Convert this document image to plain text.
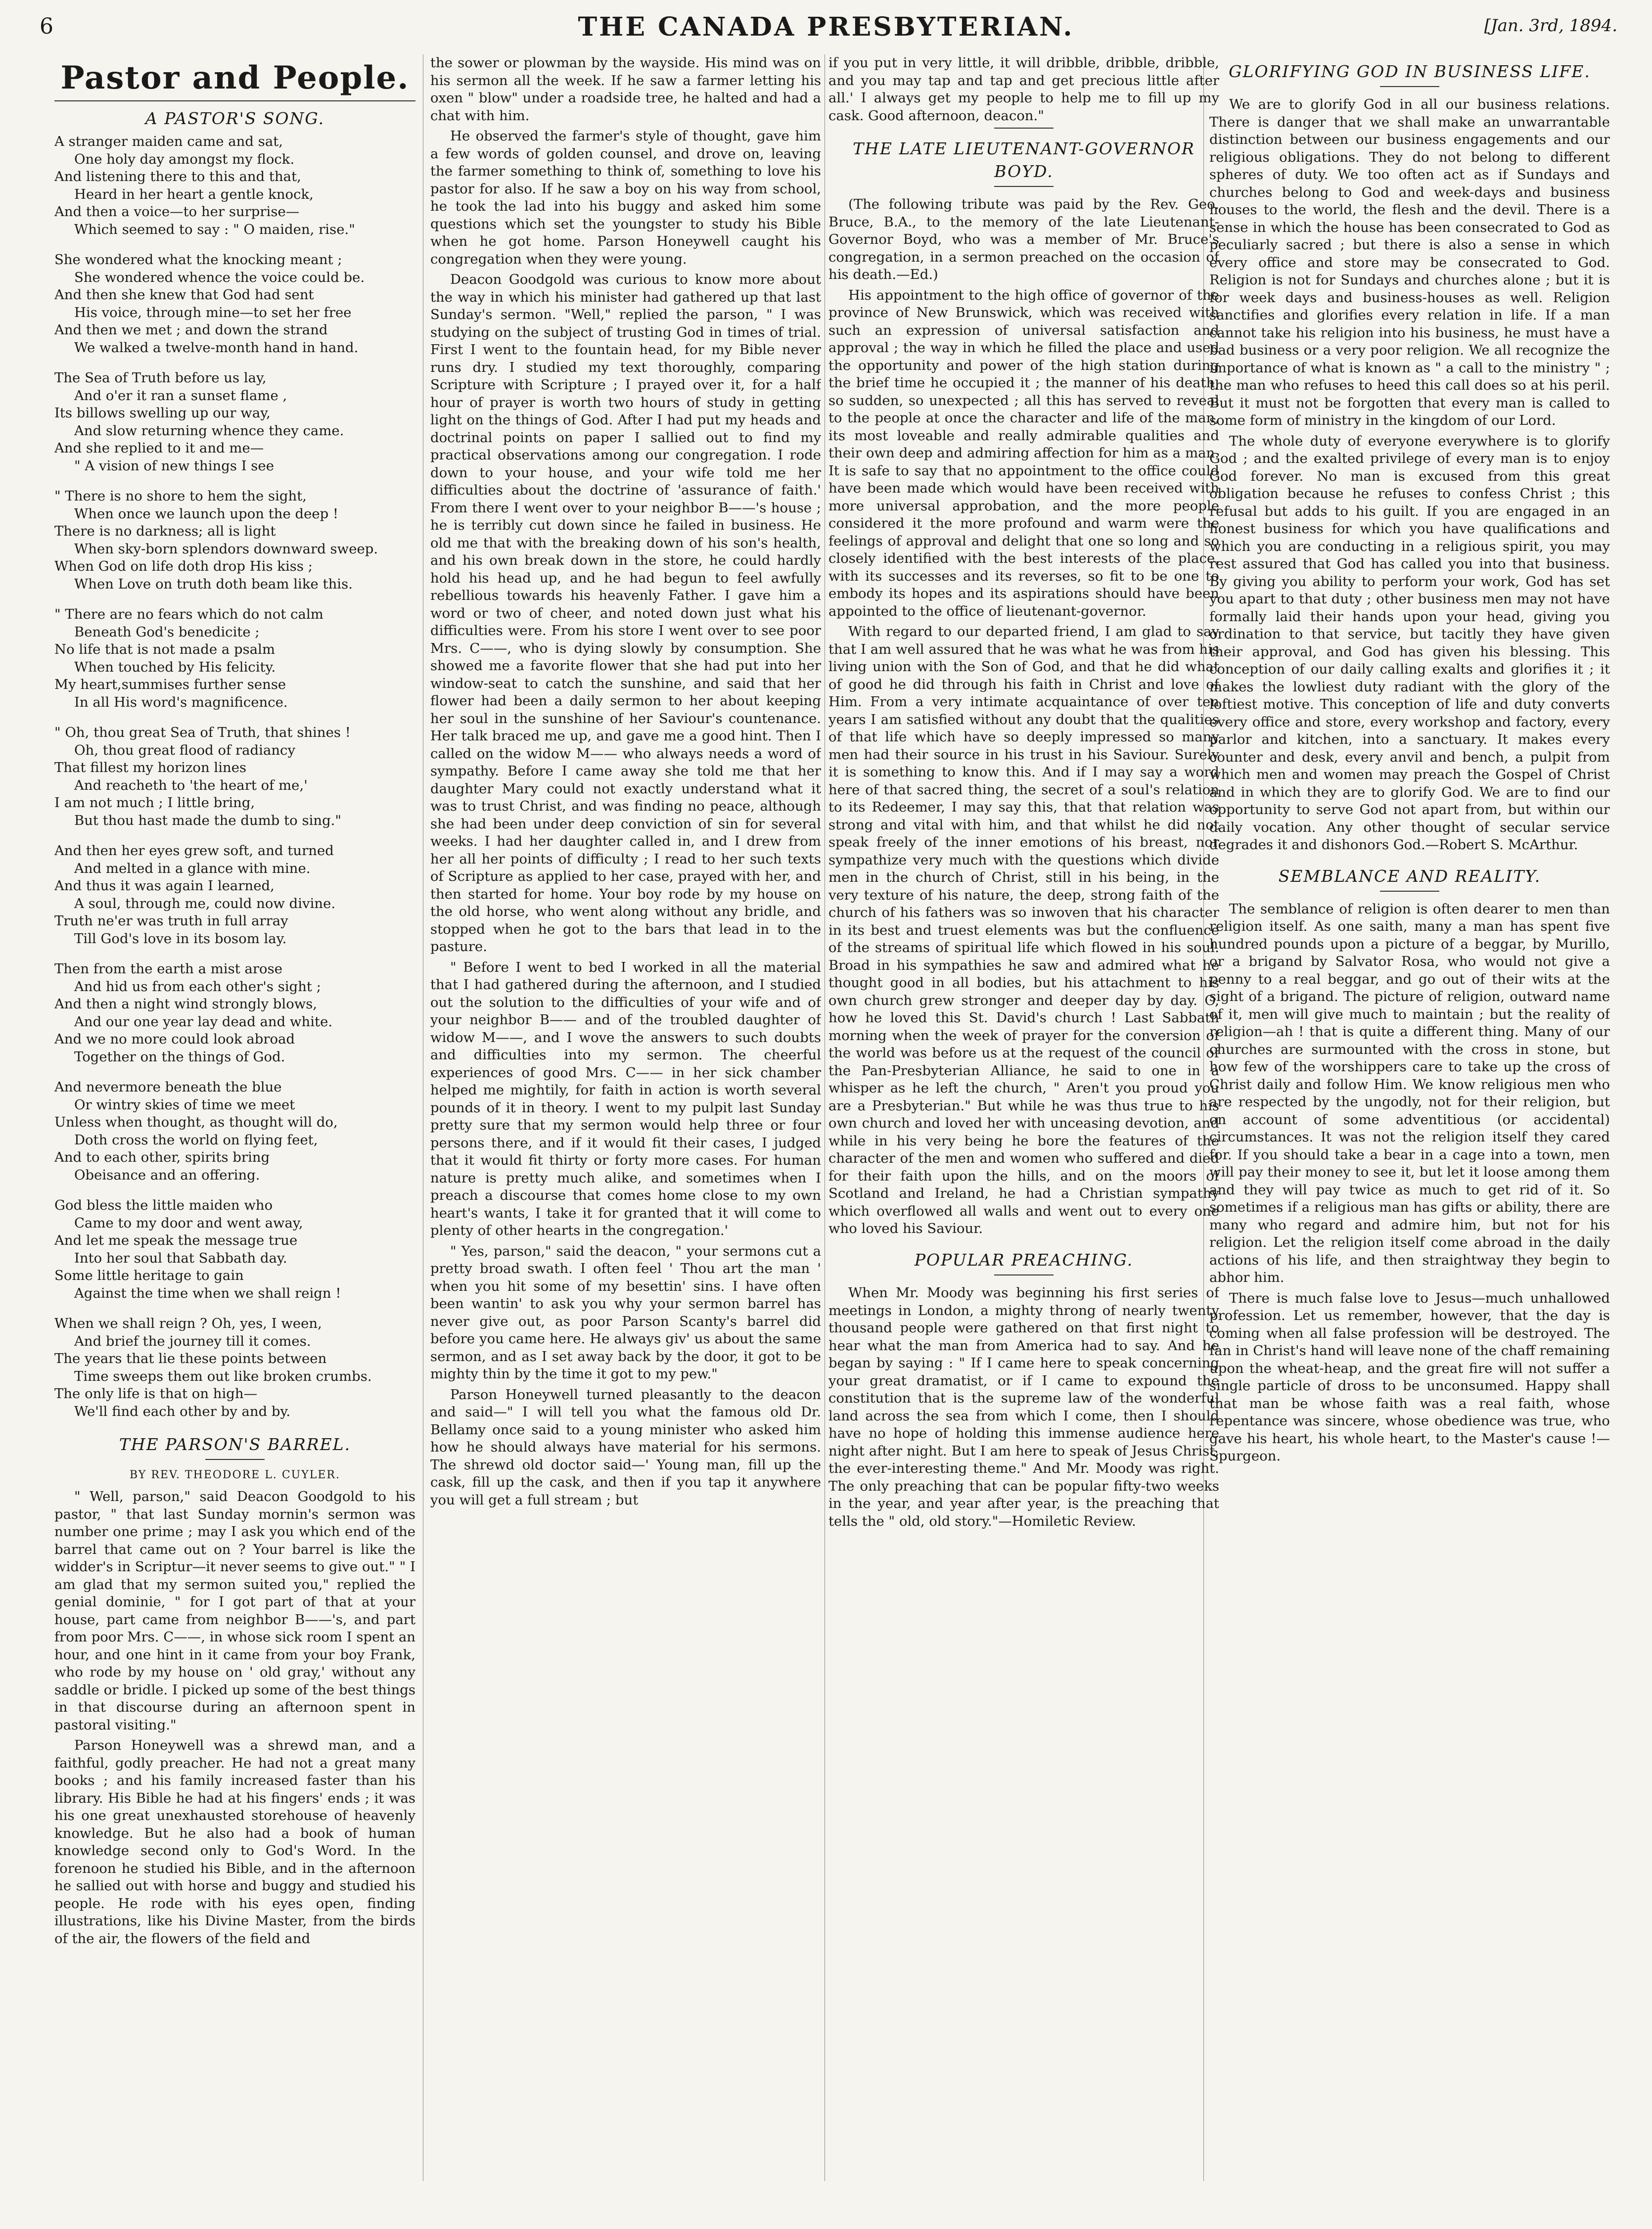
6	THE CANADA PRESBYTERIAN.	[Jan. 3rd, 1894.
Pastor and People.
A PASTOR'S SONG.
A stranger maiden came and sat,
One holy day amongst my flock.
And listening there to this and that,
Heard in her heart a gentle knock,
And then a voice—to her surprise—
Which seemed to say : " O maiden, rise."
She wondered what the knocking meant ;
She wondered whence the voice could be.
And then she knew that God had sent
His voice, through mine—to set her free
And then we met ; and down the strand
We walked a twelve-month hand in hand.
The Sea of Truth before us lay,
And o'er it ran a sunset flame ,
Its billows swelling up our way,
And slow returning whence they came.
And she replied to it and me—
" A vision of new things I see
" There is no shore to hem the sight,
When once we launch upon the deep !
There is no darkness; all is light
When sky-born splendors downward sweep.
When God on life doth drop His kiss ;
When Love on truth doth beam like this.
" There are no fears which do not calm
Beneath God's benedicite ;
No life that is not made a psalm
When touched by His felicity.
My heart,summises further sense
In all His word's magnificence.
" Oh, thou great Sea of Truth, that shines !
Oh, thou great flood of radiancy
That fillest my horizon lines
And reacheth to 'the heart of me,'
I am not much ; I little bring,
But thou hast made the dumb to sing."
And then her eyes grew soft, and turned
And melted in a glance with mine.
And thus it was again I learned,
A soul, through me, could now divine.
Truth ne'er was truth in full array
Till God's love in its bosom lay.
Then from the earth a mist arose
And hid us from each other's sight ;
And then a night wind strongly blows,
And our one year lay dead and white.
And we no more could look abroad
Together on the things of God.
And nevermore beneath the blue
Or wintry skies of time we meet
Unless when thought, as thought will do,
Doth cross the world on flying feet,
And to each other, spirits bring
Obeisance and an offering.
God bless the little maiden who
Came to my door and went away,
And let me speak the message true
Into her soul that Sabbath day.
Some little heritage to gain
Against the time when we shall reign !
When we shall reign ? Oh, yes, I ween,
And brief the journey till it comes.
The years that lie these points between
Time sweeps them out like broken crumbs.
The only life is that on high—
We'll find each other by and by.
THE PARSON'S BARREL.
BY REV. THEODORE L. CUYLER.

" Well, parson," said Deacon Goodgold to his pastor, " that last Sunday mornin's sermon was number one prime ; may I ask you which end of the barrel that came out on ? Your barrel is like the widder's in Scriptur—it never seems to give out." " I am glad that my sermon suited you," replied the genial dominie, " for I got part of that at your house, part came from neighbor B——'s, and part from poor Mrs. C——, in whose sick room I spent an hour, and one hint in it came from your boy Frank, who rode by my house on ' old gray,' without any saddle or bridle. I picked up some of the best things in that discourse during an afternoon spent in pastoral visiting."

Parson Honeywell was a shrewd man, and a faithful, godly preacher. He had not a great many books ; and his family increased faster than his library. His Bible he had at his fingers' ends ; it was his one great unexhausted storehouse of heavenly knowledge. But he also had a book of human knowledge second only to God's Word. In the forenoon he studied his Bible, and in the afternoon he sallied out with horse and buggy and studied his people. He rode with his eyes open, finding illustrations, like his Divine Master, from the birds of the air, the flowers of the field and

the sower or plowman by the wayside. His mind was on his sermon all the week. If he saw a farmer letting his oxen " blow" under a roadside tree, he halted and had a chat with him.

He observed the farmer's style of thought, gave him a few words of golden counsel, and drove on, leaving the farmer something to think of, something to love his pastor for also. If he saw a boy on his way from school, he took the lad into his buggy and asked him some questions which set the youngster to study his Bible when he got home. Parson Honeywell caught his congregation when they were young.

Deacon Goodgold was curious to know more about the way in which his minister had gathered up that last Sunday's sermon. "Well," replied the parson, " I was studying on the subject of trusting God in times of trial. First I went to the fountain head, for my Bible never runs dry. I studied my text thoroughly, comparing Scripture with Scripture ; I prayed over it, for a half hour of prayer is worth two hours of study in getting light on the things of God. After I had put my heads and doctrinal points on paper I sallied out to find my practical observations among our congregation. I rode down to your house, and your wife told me her difficulties about the doctrine of 'assurance of faith.' From there I went over to your neighbor B——'s house ; he is terribly cut down since he failed in business. He old me that with the breaking down of his son's health, and his own break down in the store, he could hardly hold his head up, and he had begun to feel awfully rebellious towards his heavenly Father. I gave him a word or two of cheer, and noted down just what his difficulties were. From his store I went over to see poor Mrs. C——, who is dying slowly by consumption. She showed me a favorite flower that she had put into her window-seat to catch the sunshine, and said that her flower had been a daily sermon to her about keeping her soul in the sunshine of her Saviour's countenance. Her talk braced me up, and gave me a good hint. Then I called on the widow M—— who always needs a word of sympathy. Before I came away she told me that her daughter Mary could not exactly understand what it was to trust Christ, and was finding no peace, although she had been under deep conviction of sin for several weeks. I had her daughter called in, and I drew from her all her points of difficulty ; I read to her such texts of Scripture as applied to her case, prayed with her, and then started for home. Your boy rode by my house on the old horse, who went along without any bridle, and stopped when he got to the bars that lead in to the pasture.

" Before I went to bed I worked in all the material that I had gathered during the afternoon, and I studied out the solution to the difficulties of your wife and of your neighbor B—— and of the troubled daughter of widow M——, and I wove the answers to such doubts and difficulties into my sermon. The cheerful experiences of good Mrs. C—— in her sick chamber helped me mightily, for faith in action is worth several pounds of it in theory. I went to my pulpit last Sunday pretty sure that my sermon would help three or four persons there, and if it would fit their cases, I judged that it would fit thirty or forty more cases. For human nature is pretty much alike, and sometimes when I preach a discourse that comes home close to my own heart's wants, I take it for granted that it will come to plenty of other hearts in the congregation.'

" Yes, parson," said the deacon, " your sermons cut a pretty broad swath. I often feel ' Thou art the man ' when you hit some of my besettin' sins. I have often been wantin' to ask you why your sermon barrel has never give out, as poor Parson Scanty's barrel did before you came here. He always giv' us about the same sermon, and as I set away back by the door, it got to be mighty thin by the time it got to my pew."

Parson Honeywell turned pleasantly to the deacon and said—" I will tell you what the famous old Dr. Bellamy once said to a young minister who asked him how he should always have material for his sermons. The shrewd old doctor said—' Young man, fill up the cask, fill up the cask, and then if you tap it anywhere you will get a full stream ; but

if you put in very little, it will dribble, dribble, dribble, and you may tap and tap and get precious little after all.' I always get my people to help me to fill up my cask. Good afternoon, deacon."

THE LATE LIEUTENANT-GOVERNOR BOYD.

(The following tribute was paid by the Rev. Geo. Bruce, B.A., to the memory of the late Lieutenant-Governor Boyd, who was a member of Mr. Bruce's congregation, in a sermon preached on the occasion of his death.—Ed.)

His appointment to the high office of governor of the province of New Brunswick, which was received with such an expression of universal satisfaction and approval ; the way in which he filled the place and used the opportunity and power of the high station during the brief time he occupied it ; the manner of his death, so sudden, so unexpected ; all this has served to reveal to the people at once the character and life of the man, its most loveable and really admirable qualities and their own deep and admiring affection for him as a man. It is safe to say that no appointment to the office could have been made which would have been received with more universal approbation, and the more people considered it the more profound and warm were the feelings of approval and delight that one so long and so closely identified with the best interests of the place, with its successes and its reverses, so fit to be one to embody its hopes and its aspirations should have been appointed to the office of lieutenant-governor.

With regard to our departed friend, I am glad to say that I am well assured that he was what he was from his living union with the Son of God, and that he did what of good he did through his faith in Christ and love of Him. From a very intimate acquaintance of over ten years I am satisfied without any doubt that the qualities of that life which have so deeply impressed so many men had their source in his trust in his Saviour. Surely it is something to know this. And if I may say a word here of that sacred thing, the secret of a soul's relation to its Redeemer, I may say this, that that relation was strong and vital with him, and that whilst he did not speak freely of the inner emotions of his breast, nor sympathize very much with the questions which divide men in the church of Christ, still in his being, in the very texture of his nature, the deep, strong faith of the church of his fathers was so inwoven that his character in its best and truest elements was but the confluence of the streams of spiritual life which flowed in his soul. Broad in his sympathies he saw and admired what he thought good in all bodies, but his attachment to his own church grew stronger and deeper day by day. O, how he loved this St. David's church ! Last Sabbath morning when the week of prayer for the conversion of the world was before us at the request of the council of the Pan-Presbyterian Alliance, he said to one in a whisper as he left the church, " Aren't you proud you are a Presbyterian." But while he was thus true to his own church and loved her with unceasing devotion, and while in his very being he bore the features of the character of the men and women who suffered and died for their faith upon the hills, and on the moors of Scotland and Ireland, he had a Christian sympathy which overflowed all walls and went out to every one who loved his Saviour.

POPULAR PREACHING.

When Mr. Moody was beginning his first series of meetings in London, a mighty throng of nearly twenty thousand people were gathered on that first night to hear what the man from America had to say. And he began by saying : " If I came here to speak concerning your great dramatist, or if I came to expound the constitution that is the supreme law of the wonderful land across the sea from which I come, then I should have no hope of holding this immense audience here night after night. But I am here to speak of Jesus Christ, the ever-interesting theme." And Mr. Moody was right. The only preaching that can be popular fifty-two weeks in the year, and year after year, is the preaching that tells the " old, old story."—Homiletic Review.

GLORIFYING GOD IN BUSINESS LIFE.

We are to glorify God in all our business relations. There is danger that we shall make an unwarrantable distinction between our business engagements and our religious obligations. They do not belong to different spheres of duty. We too often act as if Sundays and churches belong to God and week-days and business houses to the world, the flesh and the devil. There is a sense in which the house has been consecrated to God as peculiarly sacred ; but there is also a sense in which every office and store may be consecrated to God. Religion is not for Sundays and churches alone ; but it is for week days and business-houses as well. Religion sanctifies and glorifies every relation in life. If a man cannot take his religion into his business, he must have a bad business or a very poor religion. We all recognize the importance of what is known as " a call to the ministry " ; the man who refuses to heed this call does so at his peril. But it must not be forgotten that every man is called to some form of ministry in the kingdom of our Lord.

The whole duty of everyone everywhere is to glorify God ; and the exalted privilege of every man is to enjoy God forever. No man is excused from this great obligation because he refuses to confess Christ ; this refusal but adds to his guilt. If you are engaged in an honest business for which you have qualifications and which you are conducting in a religious spirit, you may rest assured that God has called you into that business. By giving you ability to perform your work, God has set you apart to that duty ; other business men may not have formally laid their hands upon your head, giving you ordination to that service, but tacitly they have given their approval, and God has given his blessing. This conception of our daily calling exalts and glorifies it ; it makes the lowliest duty radiant with the glory of the loftiest motive. This conception of life and duty converts every office and store, every workshop and factory, every parlor and kitchen, into a sanctuary. It makes every counter and desk, every anvil and bench, a pulpit from which men and women may preach the Gospel of Christ and in which they are to glorify God. We are to find our opportunity to serve God not apart from, but within our daily vocation. Any other thought of secular service degrades it and dishonors God.—Robert S. McArthur.

SEMBLANCE AND REALITY.

The semblance of religion is often dearer to men than religion itself. As one saith, many a man has spent five hundred pounds upon a picture of a beggar, by Murillo, or a brigand by Salvator Rosa, who would not give a penny to a real beggar, and go out of their wits at the sight of a brigand. The picture of religion, outward name of it, men will give much to maintain ; but the reality of religion—ah ! that is quite a different thing. Many of our churches are surmounted with the cross in stone, but how few of the worshippers care to take up the cross of Christ daily and follow Him. We know religious men who are respected by the ungodly, not for their religion, but on account of some adventitious (or accidental) circumstances. It was not the religion itself they cared for. If you should take a bear in a cage into a town, men will pay their money to see it, but let it loose among them and they will pay twice as much to get rid of it. So sometimes if a religious man has gifts or ability, there are many who regard and admire him, but not for his religion. Let the religion itself come abroad in the daily actions of his life, and then straightway they begin to abhor him.

There is much false love to Jesus—much unhallowed profession. Let us remember, however, that the day is coming when all false profession will be destroyed. The fan in Christ's hand will leave none of the chaff remaining upon the wheat-heap, and the great fire will not suffer a single particle of dross to be unconsumed. Happy shall that man be whose faith was a real faith, whose repentance was sincere, whose obedience was true, who gave his heart, his whole heart, to the Master's cause !—Spurgeon.
